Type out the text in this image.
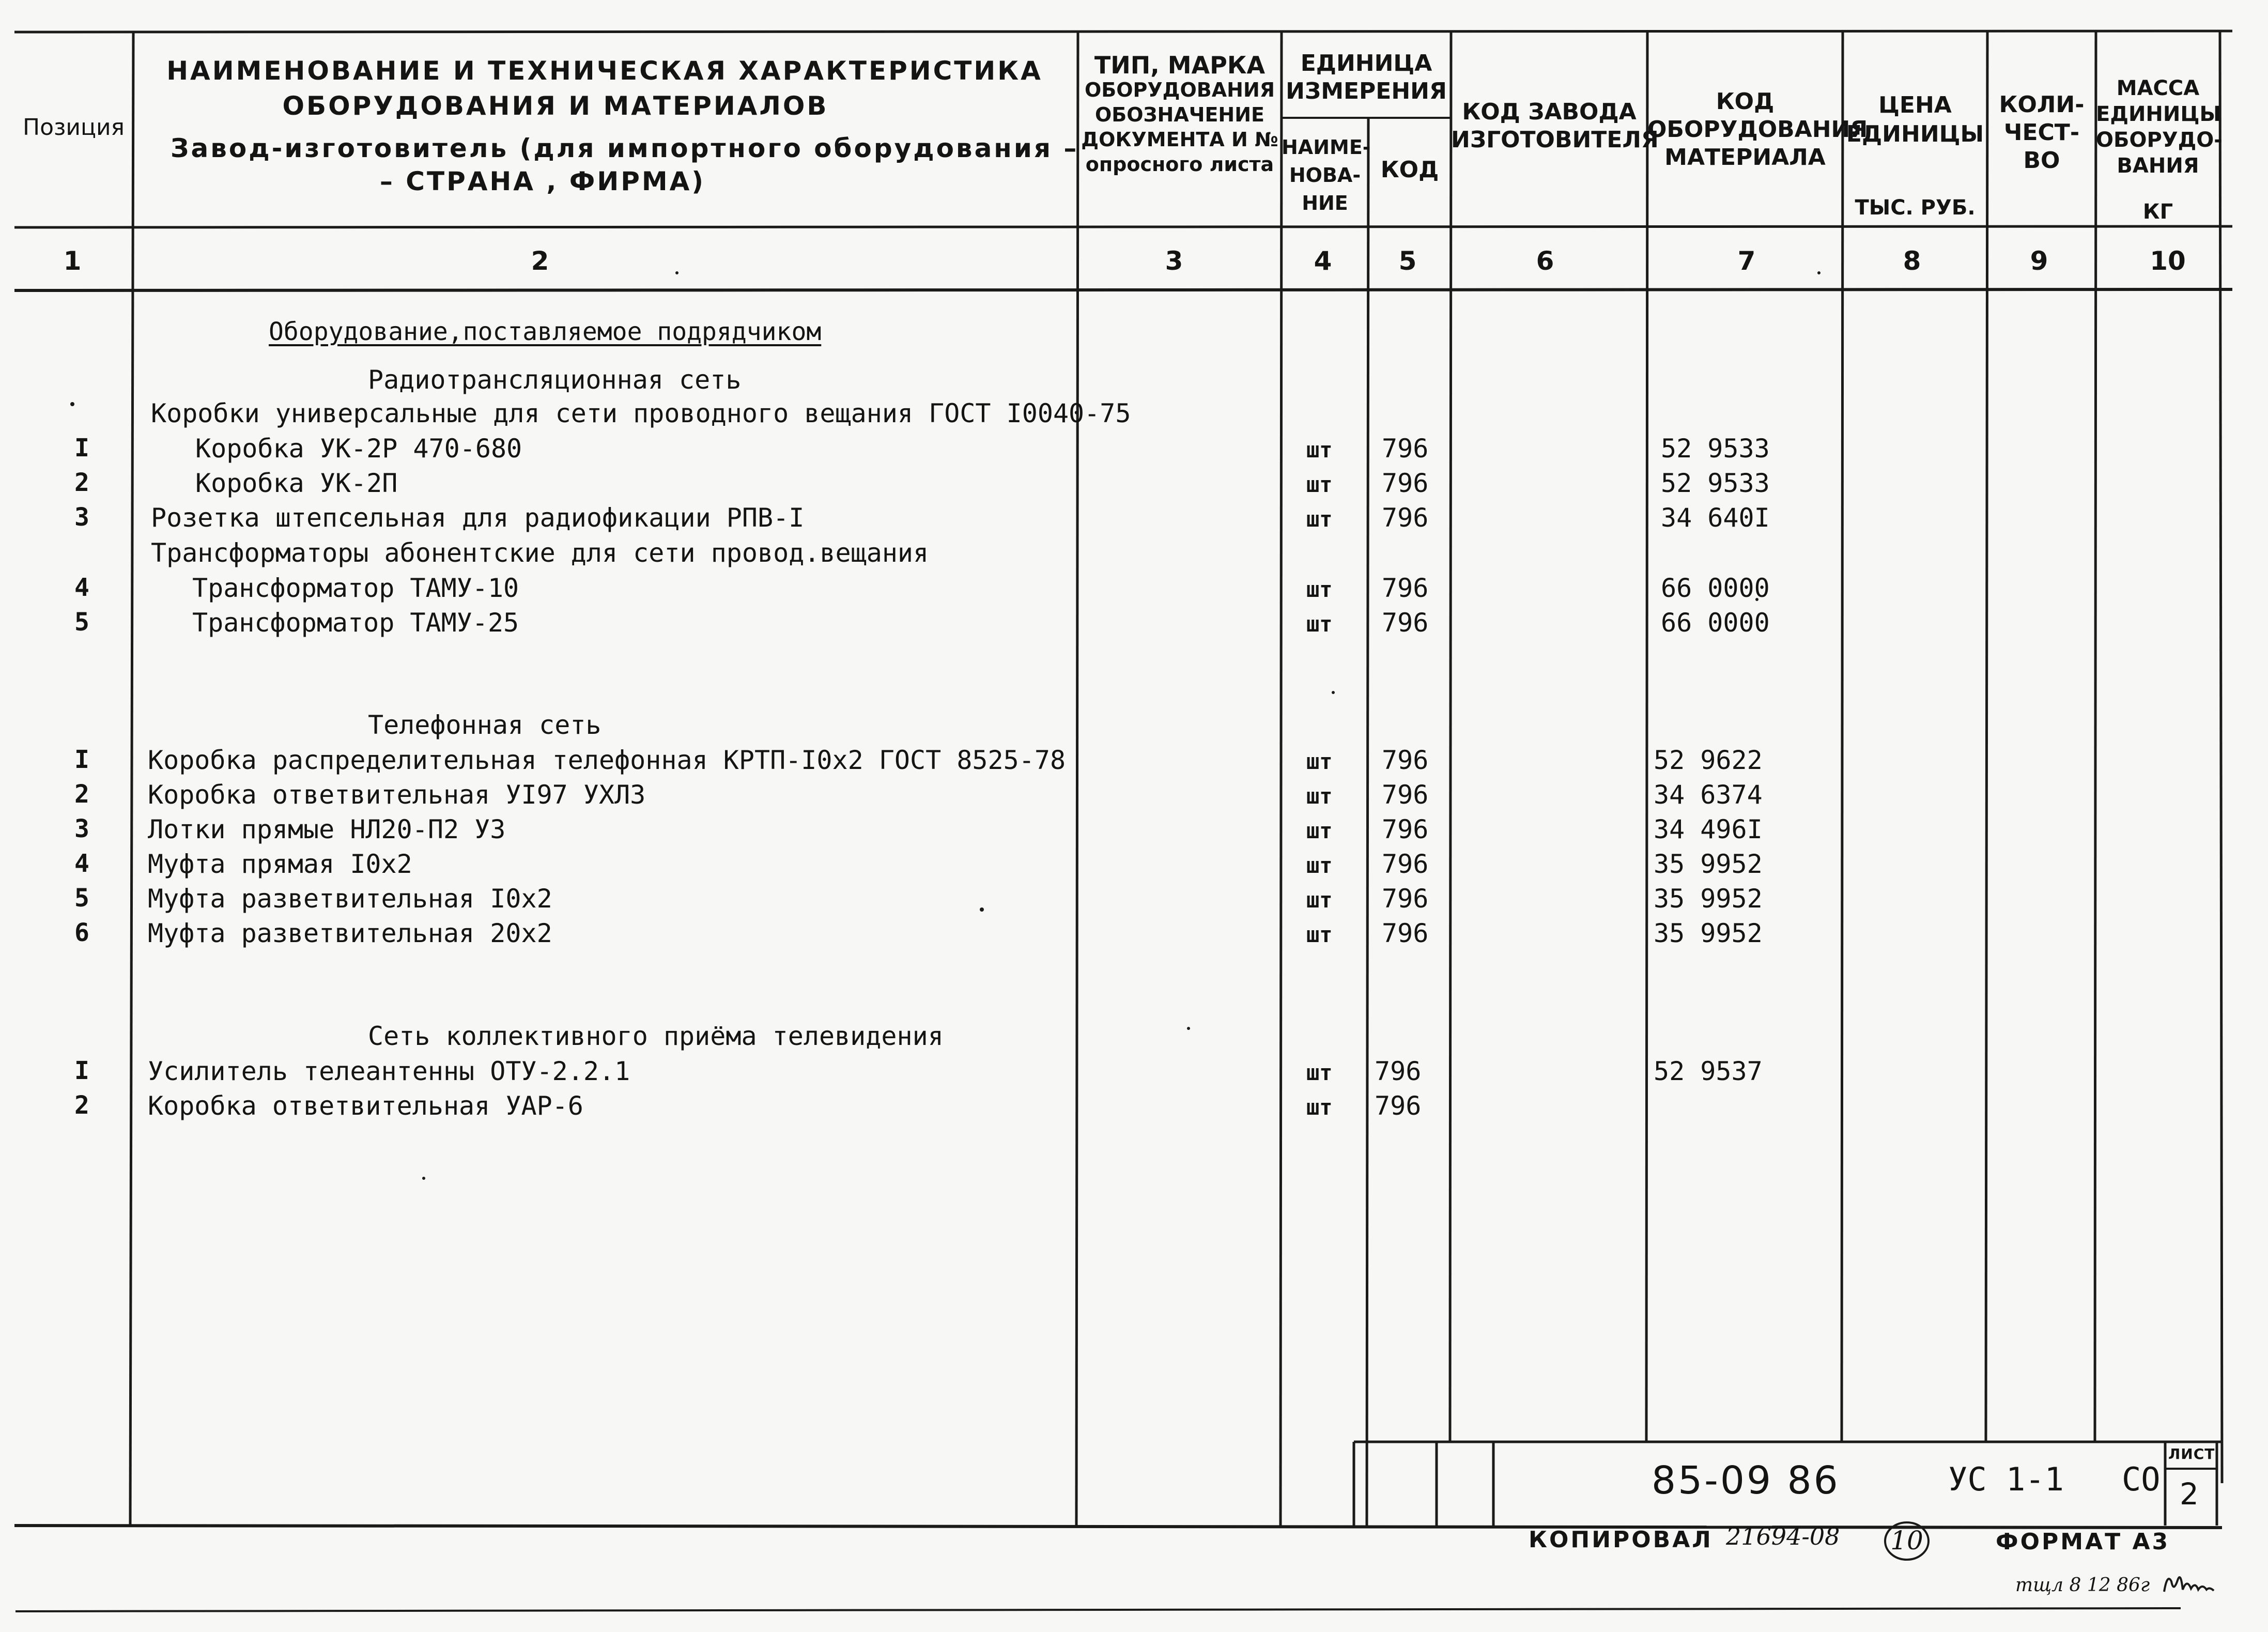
Позиция
НАИМЕНОВАНИЕ И ТЕХНИЧЕСКАЯ ХАРАКТЕРИСТИКА
ОБОРУДОВАНИЯ И МАТЕРИАЛОВ
Завод-изготовитель (для импортного оборудования –
– СТРАНА , ФИРМА)
ТИП, МАРКА
ОБОРУДОВАНИЯ
ОБОЗНАЧЕНИЕ
ДОКУМЕНТА И №
опросного листа
ЕДИНИЦА
ИЗМЕРЕНИЯ
НАИМЕ-
НОВА-
НИЕ
КОД
КОД ЗАВОДА
ИЗГОТОВИТЕЛЯ
КОД
ОБОРУДОВАНИЯ
МАТЕРИАЛА
ЦЕНА
ЕДИНИЦЫ
ТЫС. РУБ.
КОЛИ-
ЧЕСТ-
ВО
МАССА
ЕДИНИЦЫ
ОБОРУДО-
ВАНИЯ
КГ
1	2	3	4	5	6	7	8	9	10
Оборудование,поставляемое подрядчиком
Радиотрансляционная сеть
Коробки универсальные для сети проводного вещания ГОСТ I0040-75
I	Коробка УК-2Р 470-680	шт 796	52 9533
2	Коробка УК-2П	шт 796	52 9533
3 Розетка штепсельная для радиофикации РПВ-I	шт 796	34 640I
Трансформаторы абонентские для сети провод.вещания
4	Трансформатор ТАМУ-10	шт 796	66 0000
5	Трансформатор ТАМУ-25	шт 796	66 0000
Телефонная сеть
I Коробка распределительная телефонная КРТП-I0х2 ГОСТ 8525-78	шт 796	52 9622
2 Коробка ответвительная УI97 УХЛЗ	шт 796	34 6374
3 Лотки прямые НЛ20-П2 УЗ	шт 796	34 496I
4 Муфта прямая I0х2	шт 796	35 9952
5 Муфта разветвительная I0х2	шт 796	35 9952
6 Муфта разветвительная 20х2	шт 796	35 9952
Сеть коллективного приёма телевидения
I Усилитель телеантенны ОТУ-2.2.1	шт 796	52 9537
2 Коробка ответвительная УАР-6	шт 796
85-09 86	УС 1-1   СО
ЛИСТ
2
КОПИРОВАЛ 21694-08 10	ФОРМАТ А3
тщл 8 12 86г
